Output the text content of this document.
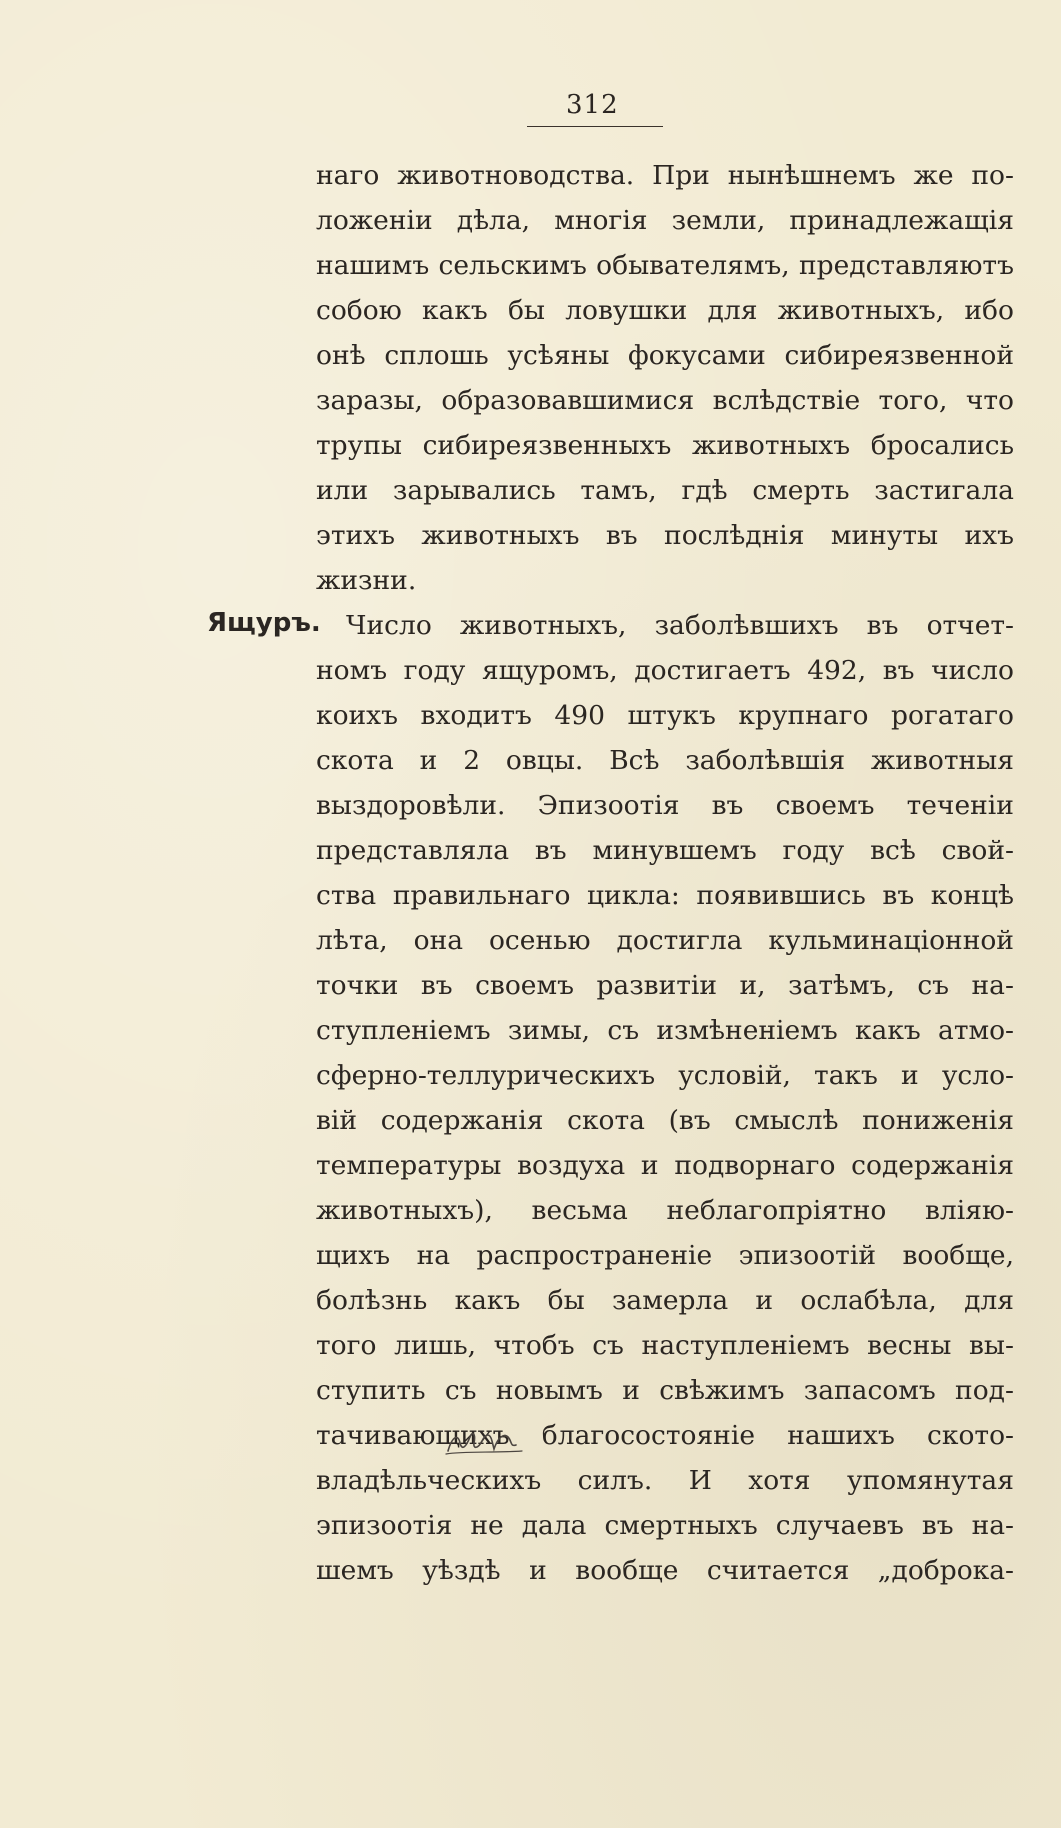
312
Ящуръ.
наго животноводства. При нынѣшнемъ же по-
ложеніи дѣла, многія земли, принадлежащія
нашимъ сельскимъ обывателямъ, представляютъ
собою какъ бы ловушки для животныхъ, ибо
онѣ сплошь усѣяны фокусами сибиреязвенной
заразы, образовавшимися вслѣдствіе того, что
трупы сибиреязвенныхъ животныхъ бросались
или зарывались тамъ, гдѣ смерть застигала
этихъ животныхъ въ послѣднія минуты ихъ
жизни.
Число животныхъ, заболѣвшихъ въ отчет-
номъ году ящуромъ, достигаетъ 492, въ число
коихъ входитъ 490 штукъ крупнаго рогатаго
скота и 2 овцы. Всѣ заболѣвшія животныя
выздоровѣли. Эпизоотія въ своемъ теченіи
представляла въ минувшемъ году всѣ свой-
ства правильнаго цикла: появившись въ концѣ
лѣта, она осенью достигла кульминаціонной
точки въ своемъ развитіи и, затѣмъ, съ на-
ступленіемъ зимы, съ измѣненіемъ какъ атмо-
сферно-теллурическихъ условій, такъ и усло-
вій содержанія скота (въ смыслѣ пониженія
температуры воздуха и подворнаго содержанія
животныхъ), весьма неблагопріятно вліяю-
щихъ на распространеніе эпизоотій вообще,
болѣзнь какъ бы замерла и ослабѣла, для
того лишь, чтобъ съ наступленіемъ весны вы-
ступить съ новымъ и свѣжимъ запасомъ под-
тачивающихъ благосостояніе нашихъ ското-
владѣльческихъ силъ. И хотя упомянутая
эпизоотія не дала смертныхъ случаевъ въ на-
шемъ уѣздѣ и вообще считается „доброка-
